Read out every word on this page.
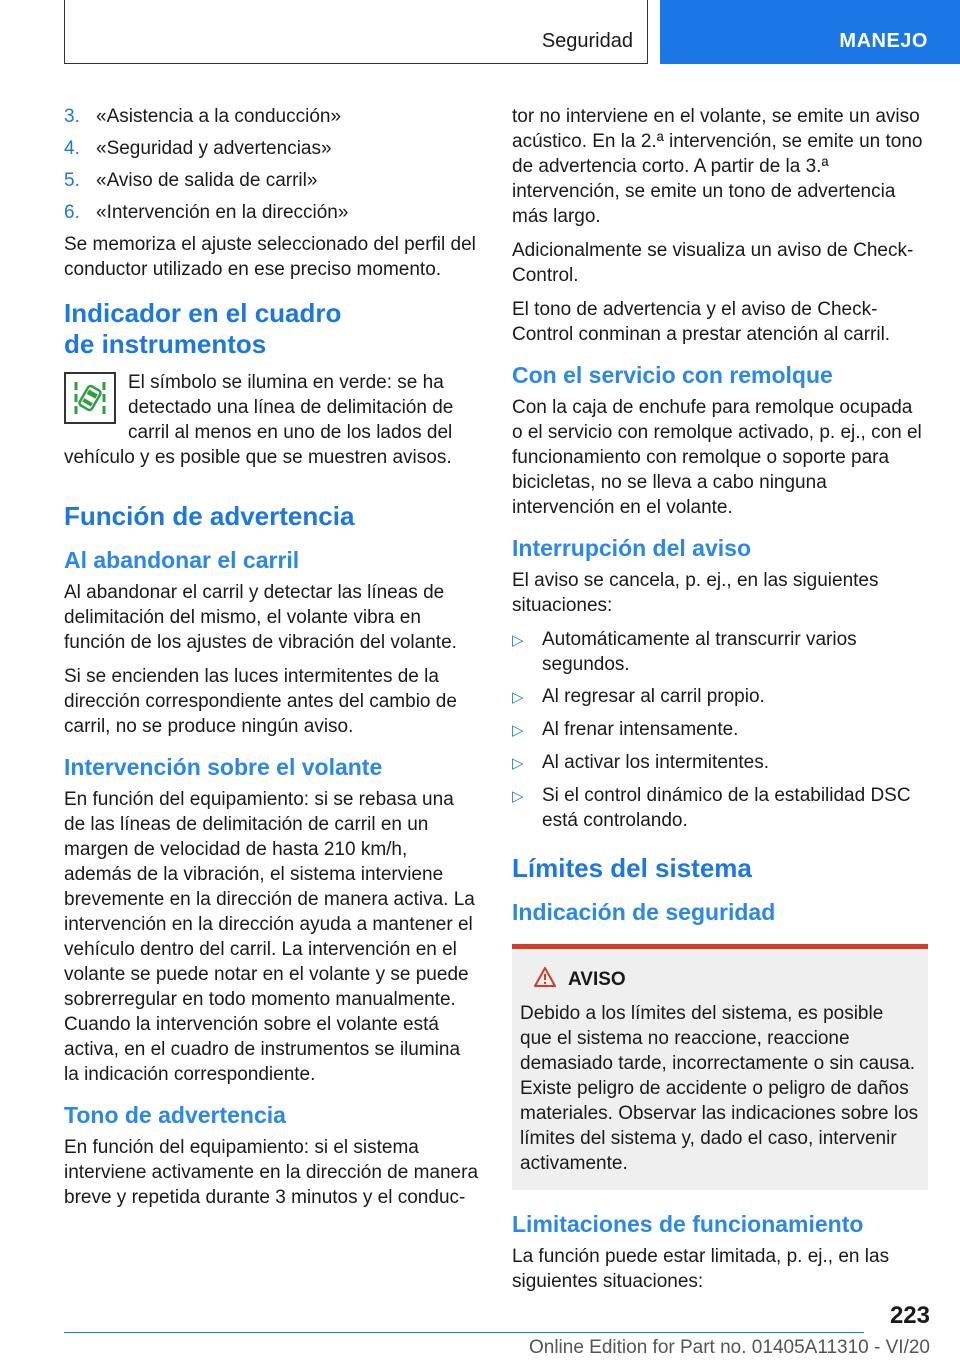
Seguridad	MANEJO
3. «Asistencia a la conducción»
4. «Seguridad y advertencias»
5. «Aviso de salida de carril»
6. «Intervención en la dirección»

Se memoriza el ajuste seleccionado del perfil del conductor utilizado en ese preciso momento.

Indicador en el cuadro de instrumentos

El símbolo se ilumina en verde: se ha detectado una línea de delimitación de carril al menos en uno de los lados del vehículo y es posible que se muestren avisos.

Función de advertencia
Al abandonar el carril

Al abandonar el carril y detectar las líneas de delimitación del mismo, el volante vibra en función de los ajustes de vibración del volante.

Si se encienden las luces intermitentes de la dirección correspondiente antes del cambio de carril, no se produce ningún aviso.

Intervención sobre el volante

En función del equipamiento: si se rebasa una de las líneas de delimitación de carril en un margen de velocidad de hasta 210 km/h, además de la vibración, el sistema interviene brevemente en la dirección de manera activa. La intervención en la dirección ayuda a mantener el vehículo dentro del carril. La intervención en el volante se puede notar en el volante y se puede sobrerregular en todo momento manualmente. Cuando la intervención sobre el volante está activa, en el cuadro de instrumentos se ilumina la indicación correspondiente.

Tono de advertencia

En función del equipamiento: si el sistema interviene activamente en la dirección de manera breve y repetida durante 3 minutos y el conduc-

tor no interviene en el volante, se emite un aviso acústico. En la 2.ª intervención, se emite un tono de advertencia corto. A partir de la 3.ª intervención, se emite un tono de advertencia más largo.

Adicionalmente se visualiza un aviso de Check-Control.

El tono de advertencia y el aviso de Check-Control conminan a prestar atención al carril.

Con el servicio con remolque

Con la caja de enchufe para remolque ocupada o el servicio con remolque activado, p. ej., con el funcionamiento con remolque o soporte para bicicletas, no se lleva a cabo ninguna intervención en el volante.

Interrupción del aviso

El aviso se cancela, p. ej., en las siguientes situaciones:

▷ Automáticamente al transcurrir varios segundos.
▷ Al regresar al carril propio.
▷ Al frenar intensamente.
▷ Al activar los intermitentes.
▷ Si el control dinámico de la estabilidad DSC está controlando.
Límites del sistema
Indicación de seguridad
AVISO

Debido a los límites del sistema, es posible que el sistema no reaccione, reaccione demasiado tarde, incorrectamente o sin causa. Existe peligro de accidente o peligro de daños materiales. Observar las indicaciones sobre los límites del sistema y, dado el caso, intervenir activamente.

Limitaciones de funcionamiento

La función puede estar limitada, p. ej., en las siguientes situaciones:

223
Online Edition for Part no. 01405A11310 - VI/20
